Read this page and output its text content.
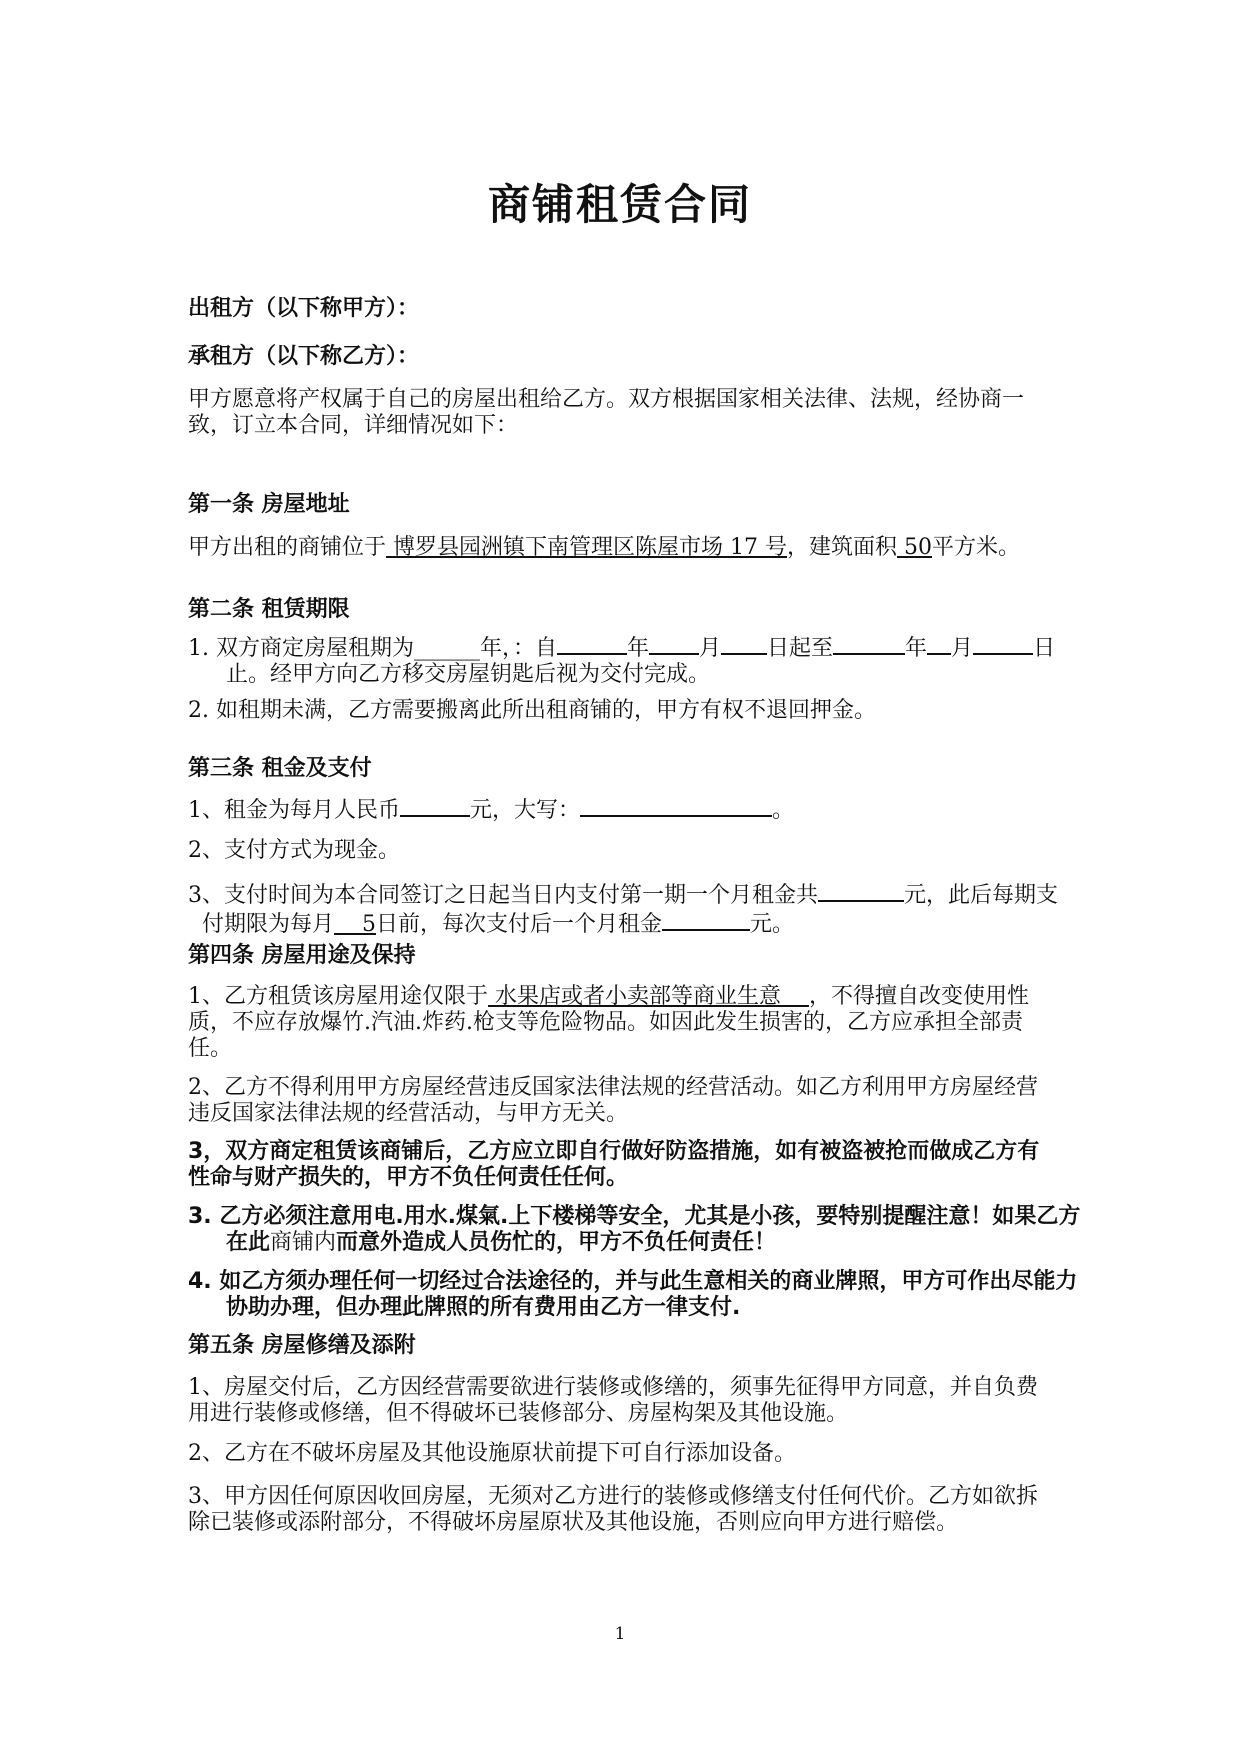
商铺租赁合同
出租方（以下称甲方）：
承租方（以下称乙方）：
甲方愿意将产权属于自己的房屋出租给乙方。双方根据国家相关法律、法规，经协商一致，订立本合同，详细情况如下：
第一条 房屋地址
甲方出租的商铺位于 博罗县园洲镇下南管理区陈屋市场 17 号，建筑面积 50平方米。
第二条 租赁期限
1. 双方商定房屋租期为______年，：自	年 月 日起至	年 月	日止。经甲方向乙方移交房屋钥匙后视为交付完成。
2. 如租期未满，乙方需要搬离此所出租商铺的，甲方有权不退回押金。
第三条 租金及支付
1、租金为每月人民币	元，大写：	。
2、支付方式为现金。
3、支付时间为本合同签订之日起当日内支付第一期一个月租金共	元，此后每期支付期限为每月    5日前，每次支付后一个月租金	元。
第四条 房屋用途及保持
1、乙方租赁该房屋用途仅限于 水果店或者小卖部等商业生意    ，不得擅自改变使用性质，不应存放爆竹.汽油.炸药.枪支等危险物品。如因此发生损害的，乙方应承担全部责任。
2、乙方不得利用甲方房屋经营违反国家法律法规的经营活动。如乙方利用甲方房屋经营违反国家法律法规的经营活动，与甲方无关。
3，双方商定租赁该商铺后，乙方应立即自行做好防盗措施，如有被盗被抢而做成乙方有性命与财产损失的，甲方不负任何责任任何。
3. 乙方必须注意用电.用水.煤氣.上下楼梯等安全，尤其是小孩，要特别提醒注意！如果乙方在此商铺内而意外造成人员伤忙的，甲方不负任何责任！
4. 如乙方须办理任何一切经过合法途径的，并与此生意相关的商业牌照，甲方可作出尽能力协助办理，但办理此牌照的所有费用由乙方一律支付.
第五条 房屋修缮及添附
1、房屋交付后，乙方因经营需要欲进行装修或修缮的，须事先征得甲方同意，并自负费用进行装修或修缮，但不得破坏已装修部分、房屋构架及其他设施。
2、乙方在不破坏房屋及其他设施原状前提下可自行添加设备。
3、甲方因任何原因收回房屋，无须对乙方进行的装修或修缮支付任何代价。乙方如欲拆除已装修或添附部分，不得破坏房屋原状及其他设施，否则应向甲方进行赔偿。
1
